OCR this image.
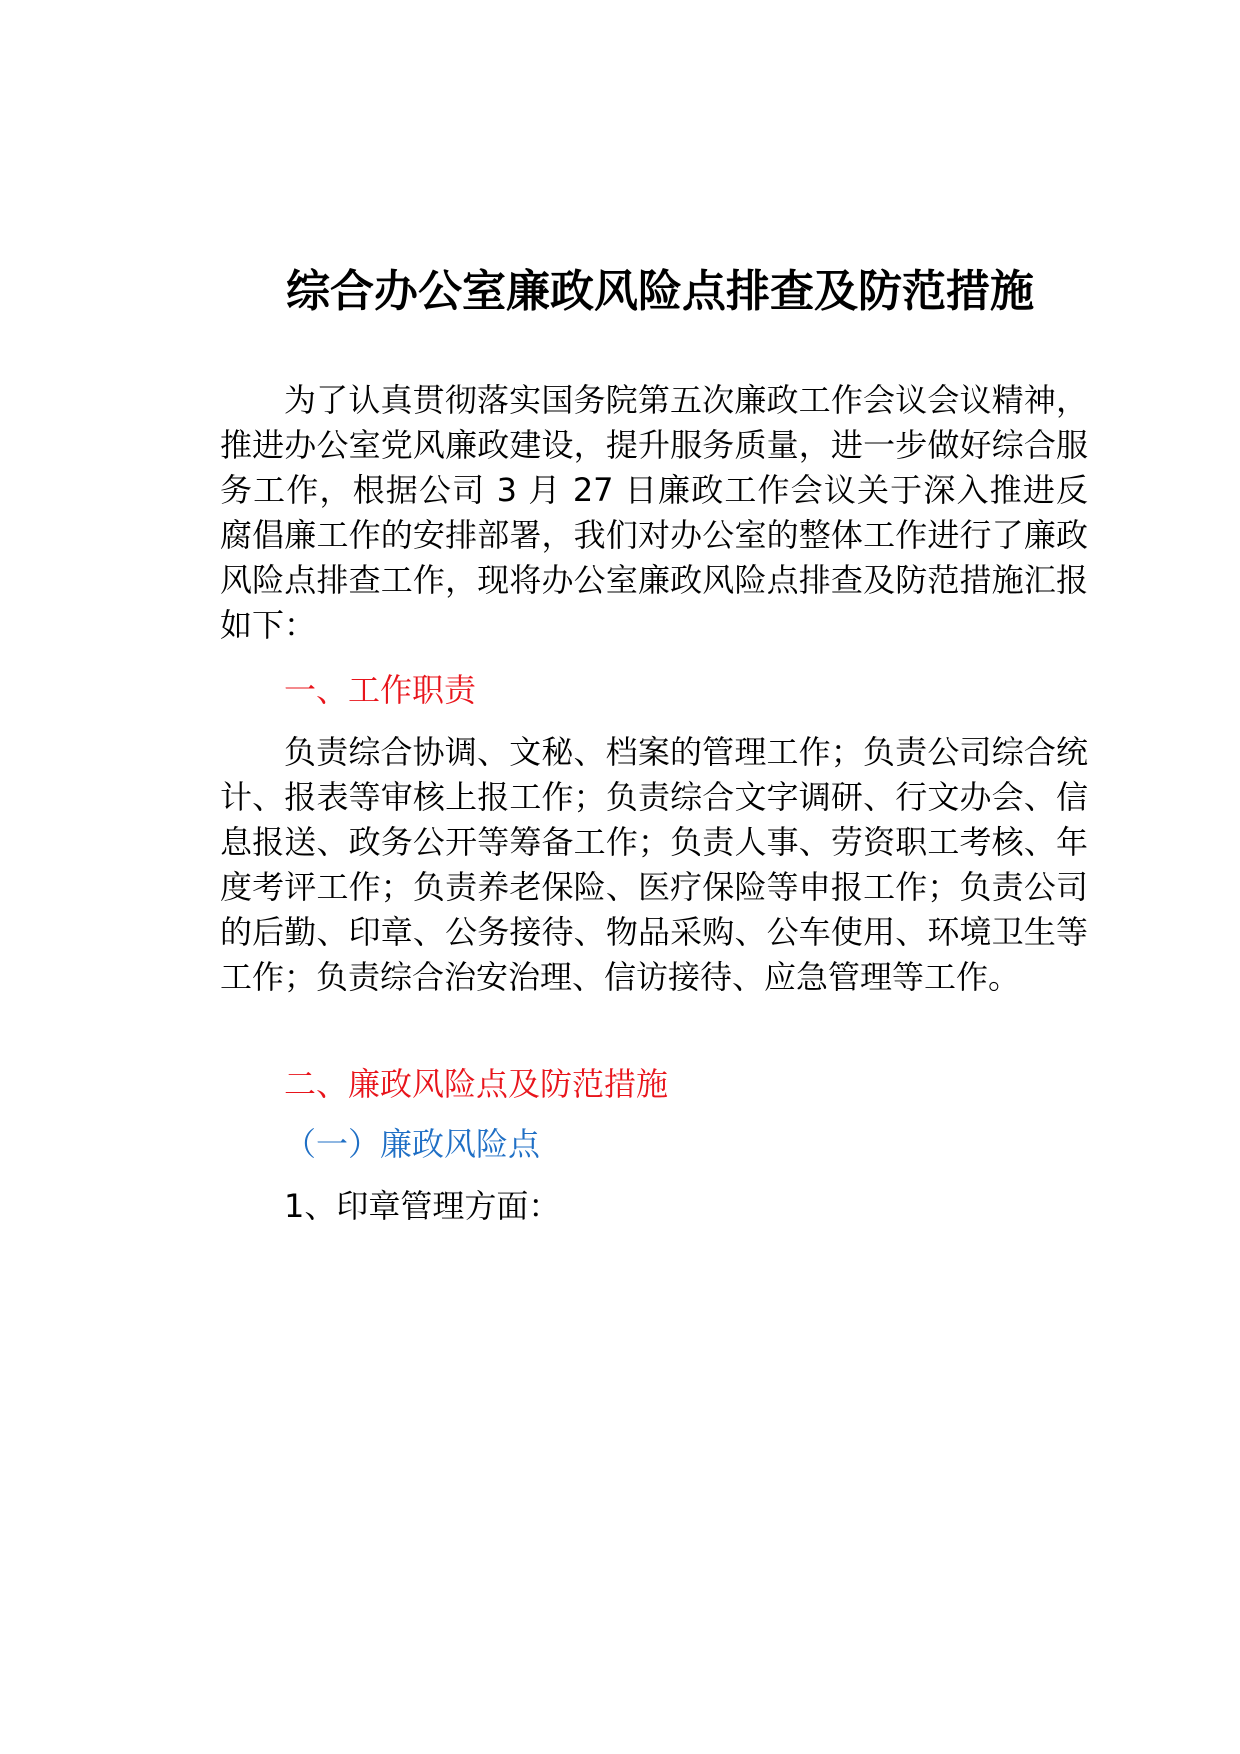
综合办公室廉政风险点排查及防范措施

为了认真贯彻落实国务院第五次廉政工作会议会议精神，推进办公室党风廉政建设，提升服务质量，进一步做好综合服务工作，根据公司 3 月 27 日廉政工作会议关于深入推进反腐倡廉工作的安排部署，我们对办公室的整体工作进行了廉政风险点排查工作，现将办公室廉政风险点排查及防范措施汇报如下：

一、工作职责

负责综合协调、文秘、档案的管理工作；负责公司综合统计、报表等审核上报工作；负责综合文字调研、行文办会、信息报送、政务公开等筹备工作；负责人事、劳资职工考核、年度考评工作；负责养老保险、医疗保险等申报工作；负责公司的后勤、印章、公务接待、物品采购、公车使用、环境卫生等工作；负责综合治安治理、信访接待、应急管理等工作。

二、廉政风险点及防范措施

（一）廉政风险点

1、印章管理方面：
